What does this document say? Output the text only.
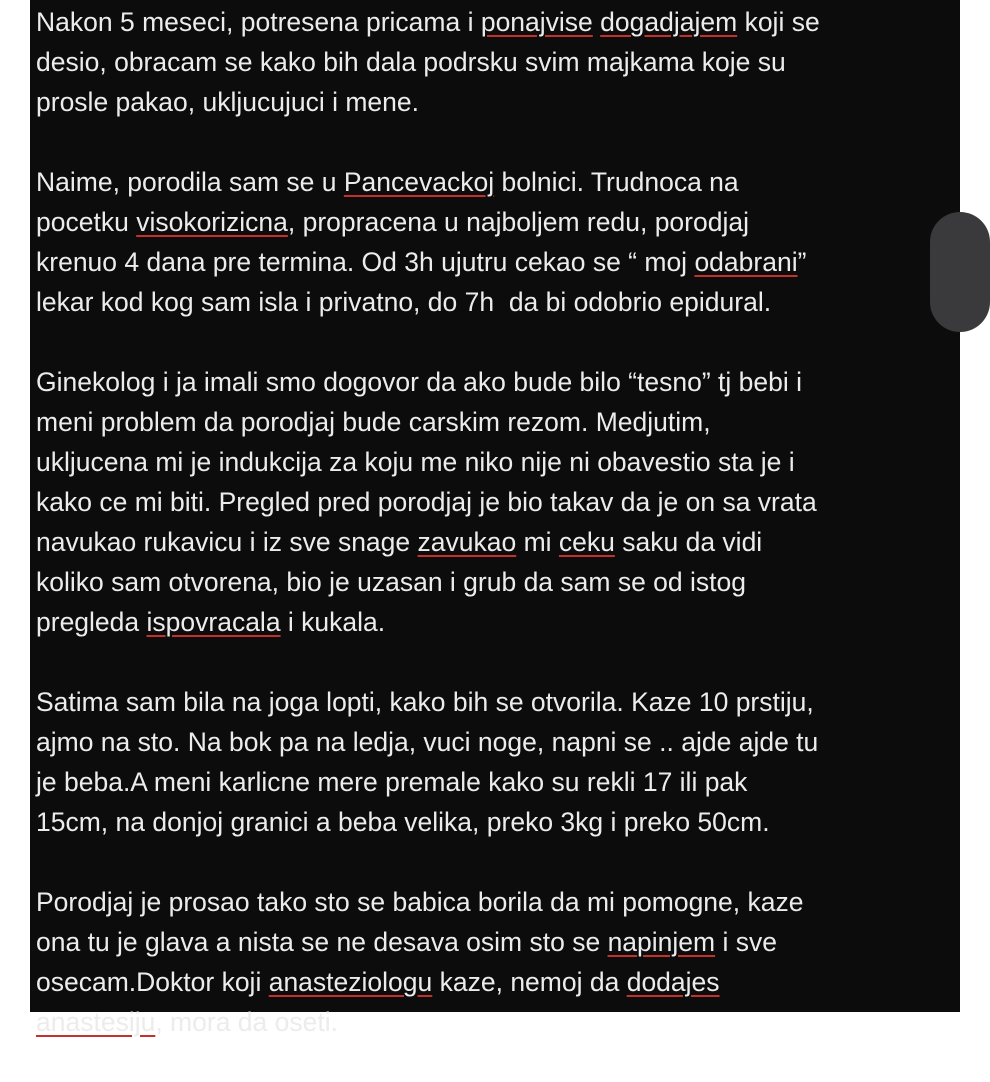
Nakon 5 meseci, potresena pricama i ponajvise dogadjajem koji se
desio, obracam se kako bih dala podrsku svim majkama koje su
prosle pakao, ukljucujuci i mene.
Naime, porodila sam se u Pancevackoj bolnici. Trudnoca na
pocetku visokorizicna, propracena u najboljem redu, porodjaj
krenuo 4 dana pre termina. Od 3h ujutru cekao se “ moj odabrani”
lekar kod kog sam isla i privatno, do 7h  da bi odobrio epidural.
Ginekolog i ja imali smo dogovor da ako bude bilo “tesno” tj bebi i
meni problem da porodjaj bude carskim rezom. Medjutim,
ukljucena mi je indukcija za koju me niko nije ni obavestio sta je i
kako ce mi biti. Pregled pred porodjaj je bio takav da je on sa vrata
navukao rukavicu i iz sve snage zavukao mi ceku saku da vidi
koliko sam otvorena, bio je uzasan i grub da sam se od istog
pregleda ispovracala i kukala.
Satima sam bila na joga lopti, kako bih se otvorila. Kaze 10 prstiju,
ajmo na sto. Na bok pa na ledja, vuci noge, napni se .. ajde ajde tu
je beba.A meni karlicne mere premale kako su rekli 17 ili pak
15cm, na donjoj granici a beba velika, preko 3kg i preko 50cm.
Porodjaj je prosao tako sto se babica borila da mi pomogne, kaze
ona tu je glava a nista se ne desava osim sto se napinjem i sve
osecam.Doktor koji anasteziologu kaze, nemoj da dodajes
anastesiju, mora da oseti.
